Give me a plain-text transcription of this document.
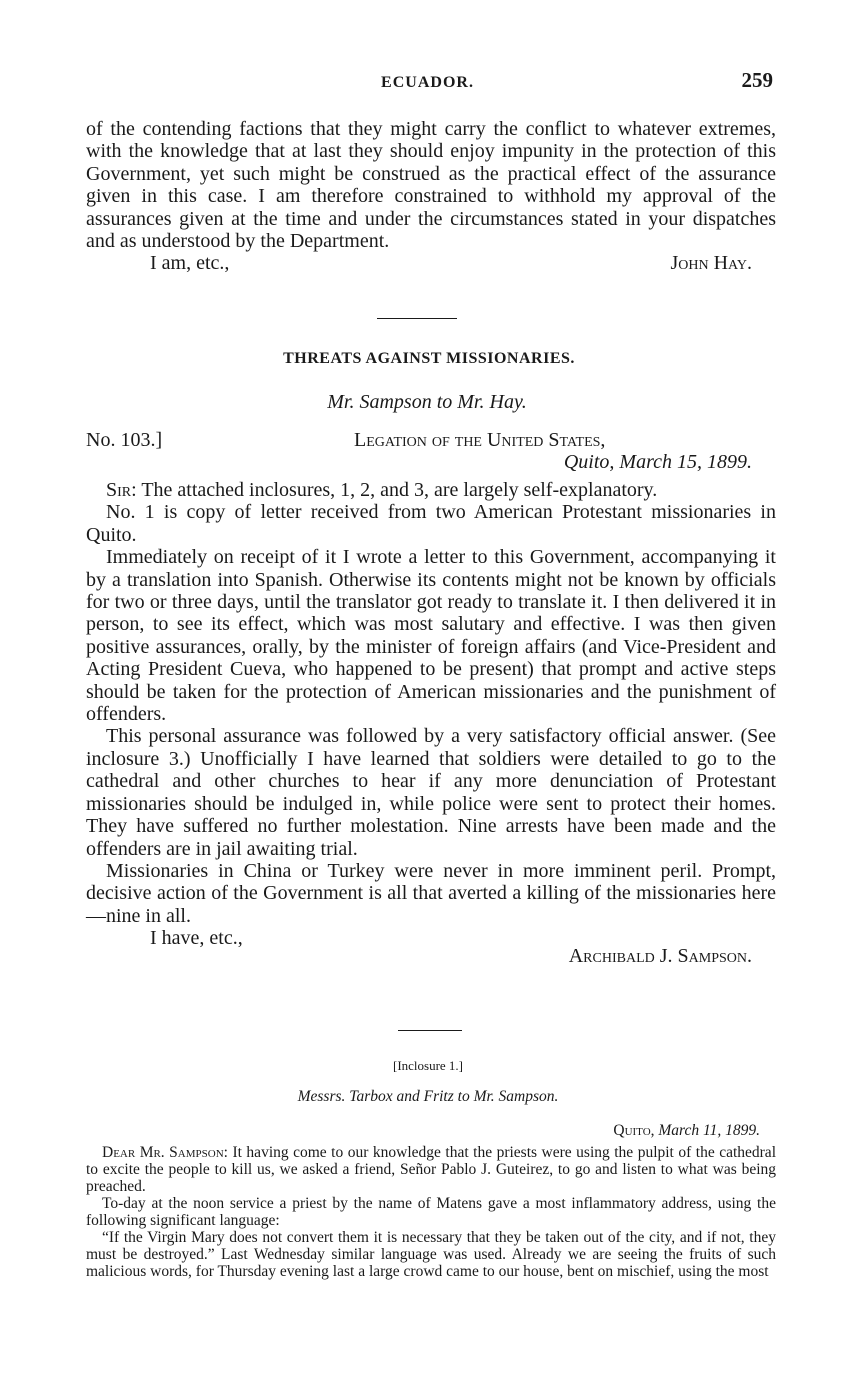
ECUADOR.	259

of the contending factions that they might carry the conflict to whatever extremes, with the knowledge that at last they should enjoy impunity in the protection of this Government, yet such might be construed as the practical effect of the assurance given in this case. I am therefore constrained to withhold my approval of the assurances given at the time and under the circumstances stated in your dispatches and as understood by the Department.

I am, etc.,	John Hay.
THREATS AGAINST MISSIONARIES.
Mr. Sampson to Mr. Hay.
No. 103.]	Legation of the United States,
Quito, March 15, 1899.

Sir: The attached inclosures, 1, 2, and 3, are largely self-explanatory.

No. 1 is copy of letter received from two American Protestant missionaries in Quito.

Immediately on receipt of it I wrote a letter to this Government, accompanying it by a translation into Spanish. Otherwise its contents might not be known by officials for two or three days, until the translator got ready to translate it. I then delivered it in person, to see its effect, which was most salutary and effective. I was then given positive assurances, orally, by the minister of foreign affairs (and Vice-President and Acting President Cueva, who happened to be present) that prompt and active steps should be taken for the protection of American missionaries and the punishment of offenders.

This personal assurance was followed by a very satisfactory official answer. (See inclosure 3.) Unofficially I have learned that soldiers were detailed to go to the cathedral and other churches to hear if any more denunciation of Protestant missionaries should be indulged in, while police were sent to protect their homes. They have suffered no further molestation. Nine arrests have been made and the offenders are in jail awaiting trial.

Missionaries in China or Turkey were never in more imminent peril. Prompt, decisive action of the Government is all that averted a killing of the missionaries here—nine in all.

I have, etc.,
Archibald J. Sampson.
[Inclosure 1.]
Messrs. Tarbox and Fritz to Mr. Sampson.
Quito, March 11, 1899.

Dear Mr. Sampson: It having come to our knowledge that the priests were using the pulpit of the cathedral to excite the people to kill us, we asked a friend, Señor Pablo J. Guteirez, to go and listen to what was being preached.

To-day at the noon service a priest by the name of Matens gave a most inflammatory address, using the following significant language:

“If the Virgin Mary does not convert them it is necessary that they be taken out of the city, and if not, they must be destroyed.” Last Wednesday similar language was used. Already we are seeing the fruits of such malicious words, for Thursday evening last a large crowd came to our house, bent on mischief, using the most
